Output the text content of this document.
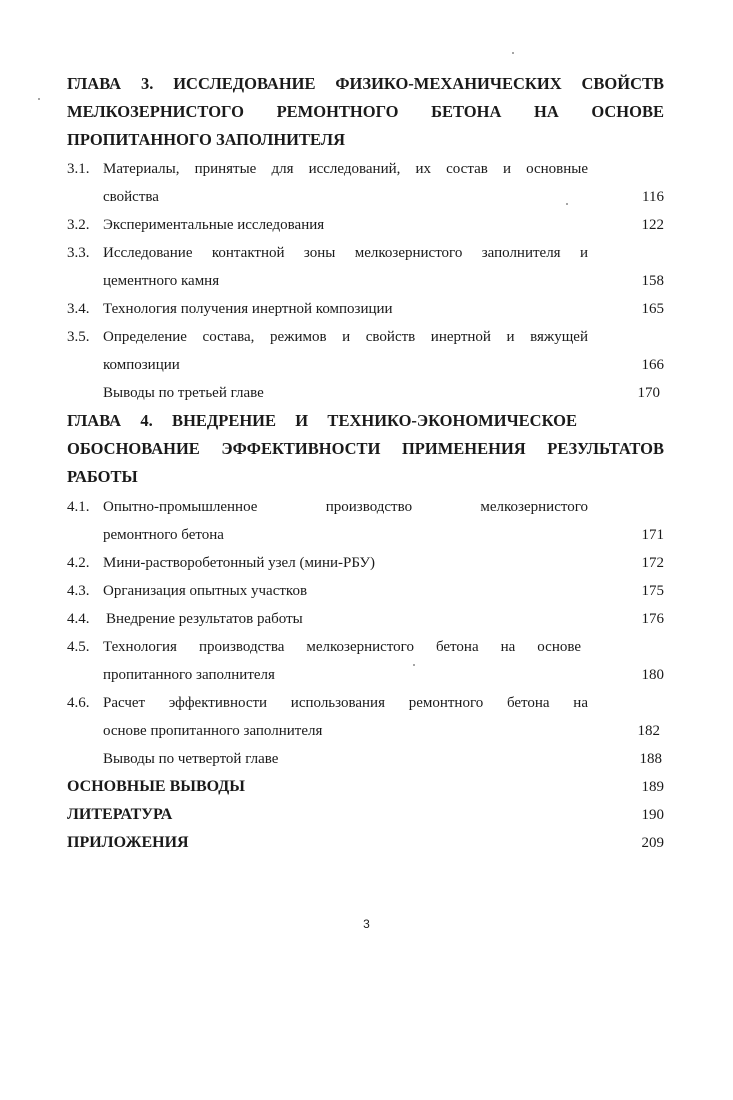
ГЛАВА 3. ИССЛЕДОВАНИЕ ФИЗИКО-МЕХАНИЧЕСКИХ СВОЙСТВ
МЕЛКОЗЕРНИСТОГО РЕМОНТНОГО БЕТОНА НА ОСНОВЕ
ПРОПИТАННОГО ЗАПОЛНИТЕЛЯ
3.1. Материалы, принятые для исследований, их состав и основные
свойства	116
3.2. Экспериментальные исследования	122
3.3. Исследование контактной зоны мелкозернистого заполнителя и
цементного камня	158
3.4. Технология получения инертной композиции	165
3.5. Определение состава, режимов и свойств инертной и вяжущей
композиции	166
Выводы по третьей главе	170
ГЛАВА 4. ВНЕДРЕНИЕ И ТЕХНИКО-ЭКОНОМИЧЕСКОЕ
ОБОСНОВАНИЕ ЭФФЕКТИВНОСТИ ПРИМЕНЕНИЯ РЕЗУЛЬТАТОВ
РАБОТЫ
4.1. Опытно-промышленное производство мелкозернистого
ремонтного бетона	171
4.2. Мини-растворобетонный узел (мини-РБУ)	172
4.3. Организация опытных участков	175
4.4. Внедрение результатов работы	176
4.5. Технология производства мелкозернистого бетона на основе
пропитанного заполнителя	180
4.6. Расчет эффективности использования ремонтного бетона на
основе пропитанного заполнителя	182
Выводы по четвертой главе	188
ОСНОВНЫЕ ВЫВОДЫ	189
ЛИТЕРАТУРА	190
ПРИЛОЖЕНИЯ	209
3
